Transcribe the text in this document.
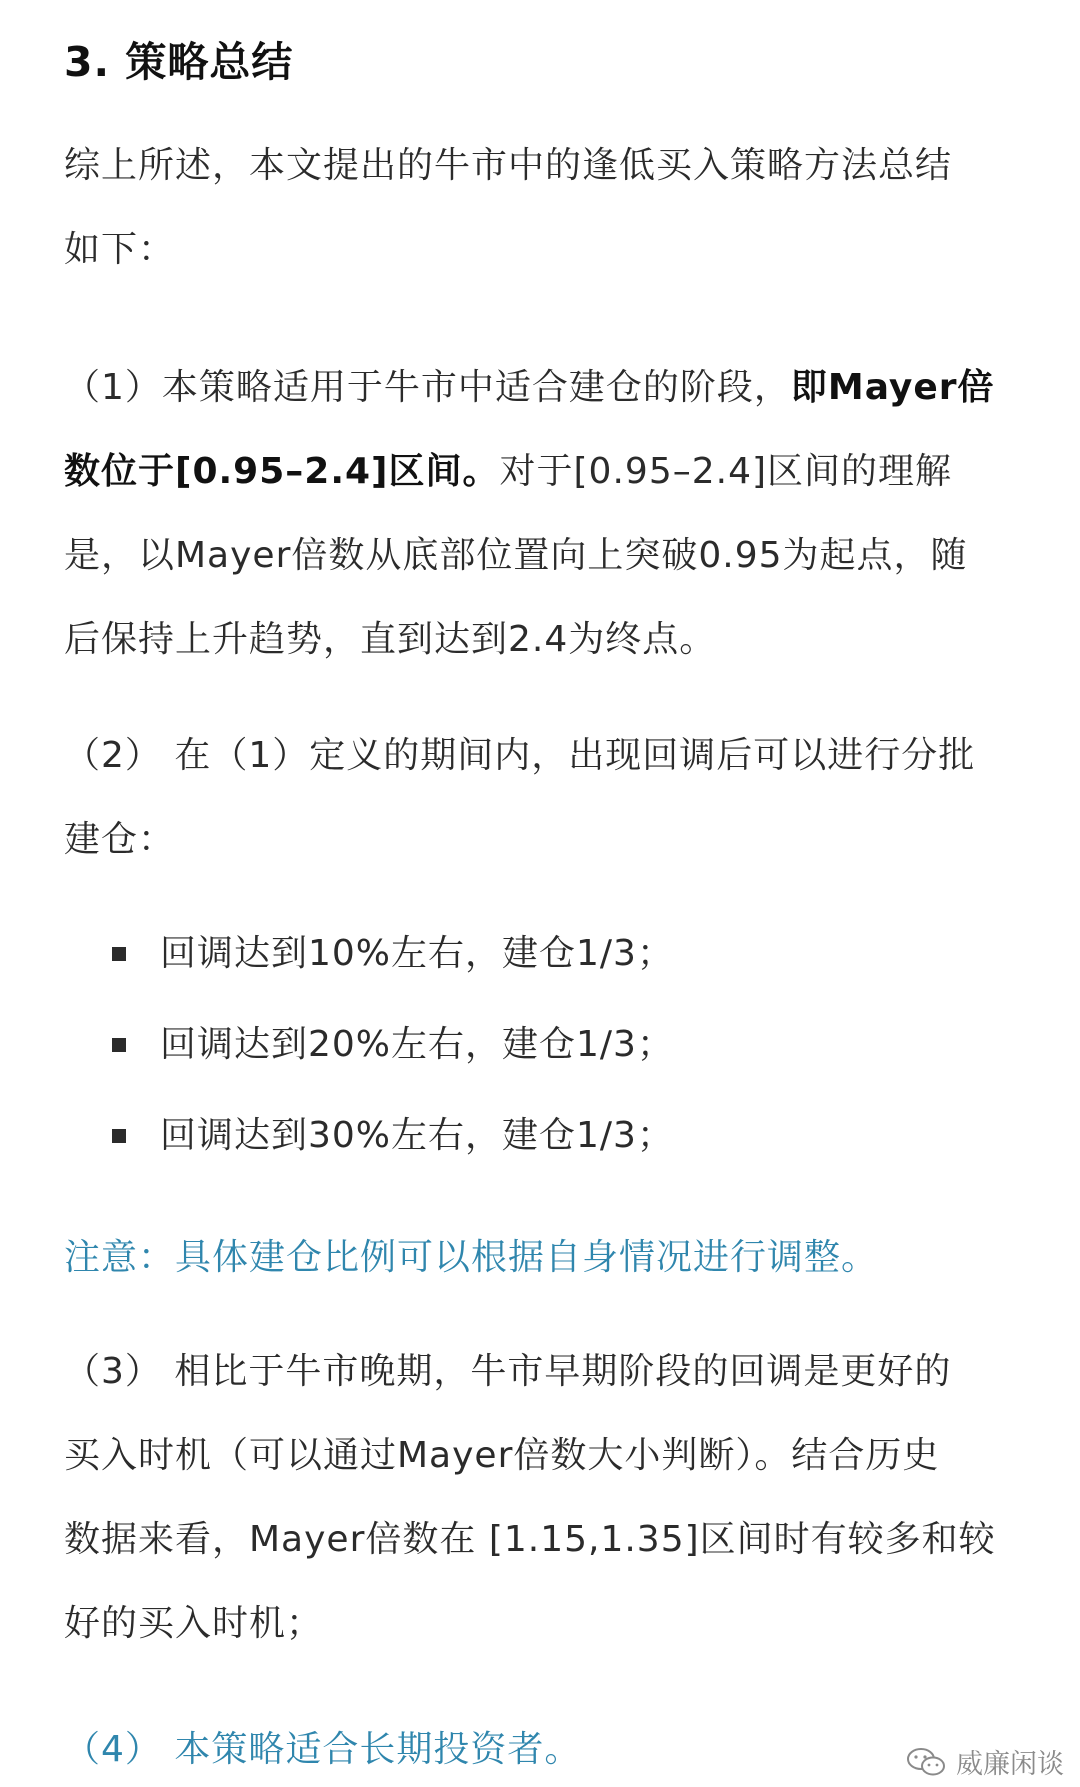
3. 策略总结
综上所述，本文提出的牛市中的逢低买入策略方法总结
如下：
（1）本策略适用于牛市中适合建仓的阶段，即Mayer倍
数位于[0.95–2.4]区间。对于[0.95–2.4]区间的理解
是，以Mayer倍数从底部位置向上突破0.95为起点，随
后保持上升趋势，直到达到2.4为终点。
（2） 在（1）定义的期间内，出现回调后可以进行分批
建仓：
回调达到10%左右，建仓1/3；
回调达到20%左右，建仓1/3；
回调达到30%左右，建仓1/3；
注意：具体建仓比例可以根据自身情况进行调整。
（3） 相比于牛市晚期，牛市早期阶段的回调是更好的
买入时机（可以通过Mayer倍数大小判断）。结合历史
数据来看，Mayer倍数在 [1.15,1.35]区间时有较多和较
好的买入时机；
（4） 本策略适合长期投资者。	威廉闲谈
